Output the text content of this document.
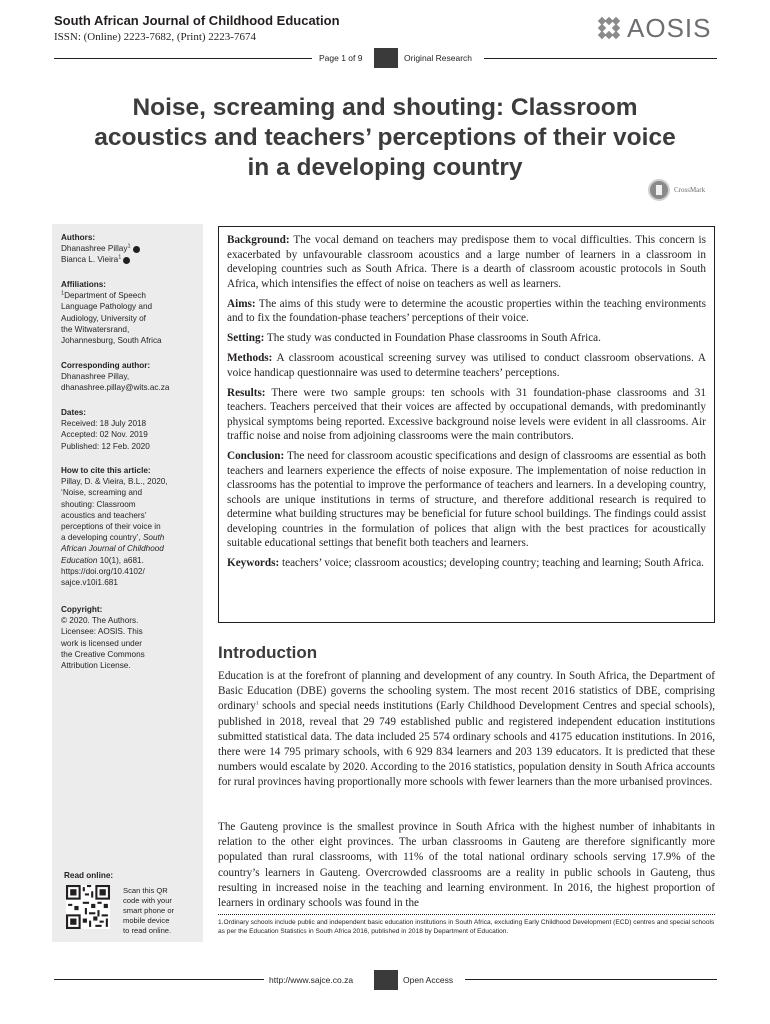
South African Journal of Childhood Education
ISSN: (Online) 2223-7682, (Print) 2223-7674	AOSIS
Page 1 of 9	Original Research
Noise, screaming and shouting: Classroom
acoustics and teachers’ perceptions of their voice
in a developing country
CrossMark
Authors:
Dhanashree Pillay$^1$
Bianca L. Vieira$^1$
Affiliations:
$^1$Department of Speech
Language Pathology and
Audiology, University of
the Witwatersrand,
Johannesburg, South Africa
Corresponding author:
Dhanashree Pillay,
dhanashree.pillay@wits.ac.za
Dates:
Received: 18 July 2018
Accepted: 02 Nov. 2019
Published: 12 Feb. 2020
How to cite this article:
Pillay, D. & Vieira, B.L., 2020,
‘Noise, screaming and
shouting: Classroom
acoustics and teachers’
perceptions of their voice in
a developing country’, South
African Journal of Childhood
Education 10(1), a681.
https://doi.org/10.4102/
sajce.v10i1.681
Copyright:
© 2020. The Authors.
Licensee: AOSIS. This
work is licensed under
the Creative Commons
Attribution License.
Read online:
Scan this QR
code with your
smart phone or
mobile device
to read online.

Background: The vocal demand on teachers may predispose them to vocal difficulties. This concern is exacerbated by unfavourable classroom acoustics and a large number of learners in a classroom in developing countries such as South Africa. There is a dearth of classroom acoustic protocols in South Africa, which intensifies the effect of noise on teachers as well as learners.

Aims: The aims of this study were to determine the acoustic properties within the teaching environments and to fix the foundation-phase teachers’ perceptions of their voice.

Setting: The study was conducted in Foundation Phase classrooms in South Africa.

Methods: A classroom acoustical screening survey was utilised to conduct classroom observations. A voice handicap questionnaire was used to determine teachers’ perceptions.

Results: There were two sample groups: ten schools with 31 foundation-phase classrooms and 31 teachers. Teachers perceived that their voices are affected by occupational demands, with predominantly physical symptoms being reported. Excessive background noise levels were evident in all classrooms. Air traffic noise and noise from adjoining classrooms were the main contributors.

Conclusion: The need for classroom acoustic specifications and design of classrooms are essential as both teachers and learners experience the effects of noise exposure. The implementation of noise reduction in classrooms has the potential to improve the performance of teachers and learners. In a developing country, schools are unique institutions in terms of structure, and therefore additional research is required to determine what building structures may be beneficial for future school buildings. The findings could assist developing countries in the formulation of polices that align with the best practices for acoustically suitable educational settings that benefit both teachers and learners.

Keywords: teachers’ voice; classroom acoustics; developing country; teaching and learning; South Africa.

Introduction

Education is at the forefront of planning and development of any country. In South Africa, the Department of Basic Education (DBE) governs the schooling system. The most recent 2016 statistics of DBE, comprising ordinary$^1$ schools and special needs institutions (Early Childhood Development Centres and special schools), published in 2018, reveal that 29 749 established public and registered independent education institutions submitted statistical data. The data included 25 574 ordinary schools and 4175 education institutions. In 2016, there were 14 795 primary schools, with 6 929 834 learners and 203 139 educators. It is predicted that these numbers would escalate by 2020. According to the 2016 statistics, population density in South Africa accounts for rural provinces having proportionally more schools with fewer learners than the more urbanised provinces.

The Gauteng province is the smallest province in South Africa with the highest number of inhabitants in relation to the other eight provinces. The urban classrooms in Gauteng are therefore significantly more populated than rural classrooms, with 11% of the total national ordinary schools serving 17.9% of the country’s learners in Gauteng. Overcrowded classrooms are a reality in public schools in Gauteng, thus resulting in increased noise in the teaching and learning environment. In 2016, the highest proportion of learners in ordinary schools was found in the

1.Ordinary schools include public and independent basic education institutions in South Africa, excluding Early Childhood Development (ECD) centres and special schools as per the Education Statistics in South Africa 2016, published in 2018 by Department of Education.
http://www.sajce.co.za	Open Access
